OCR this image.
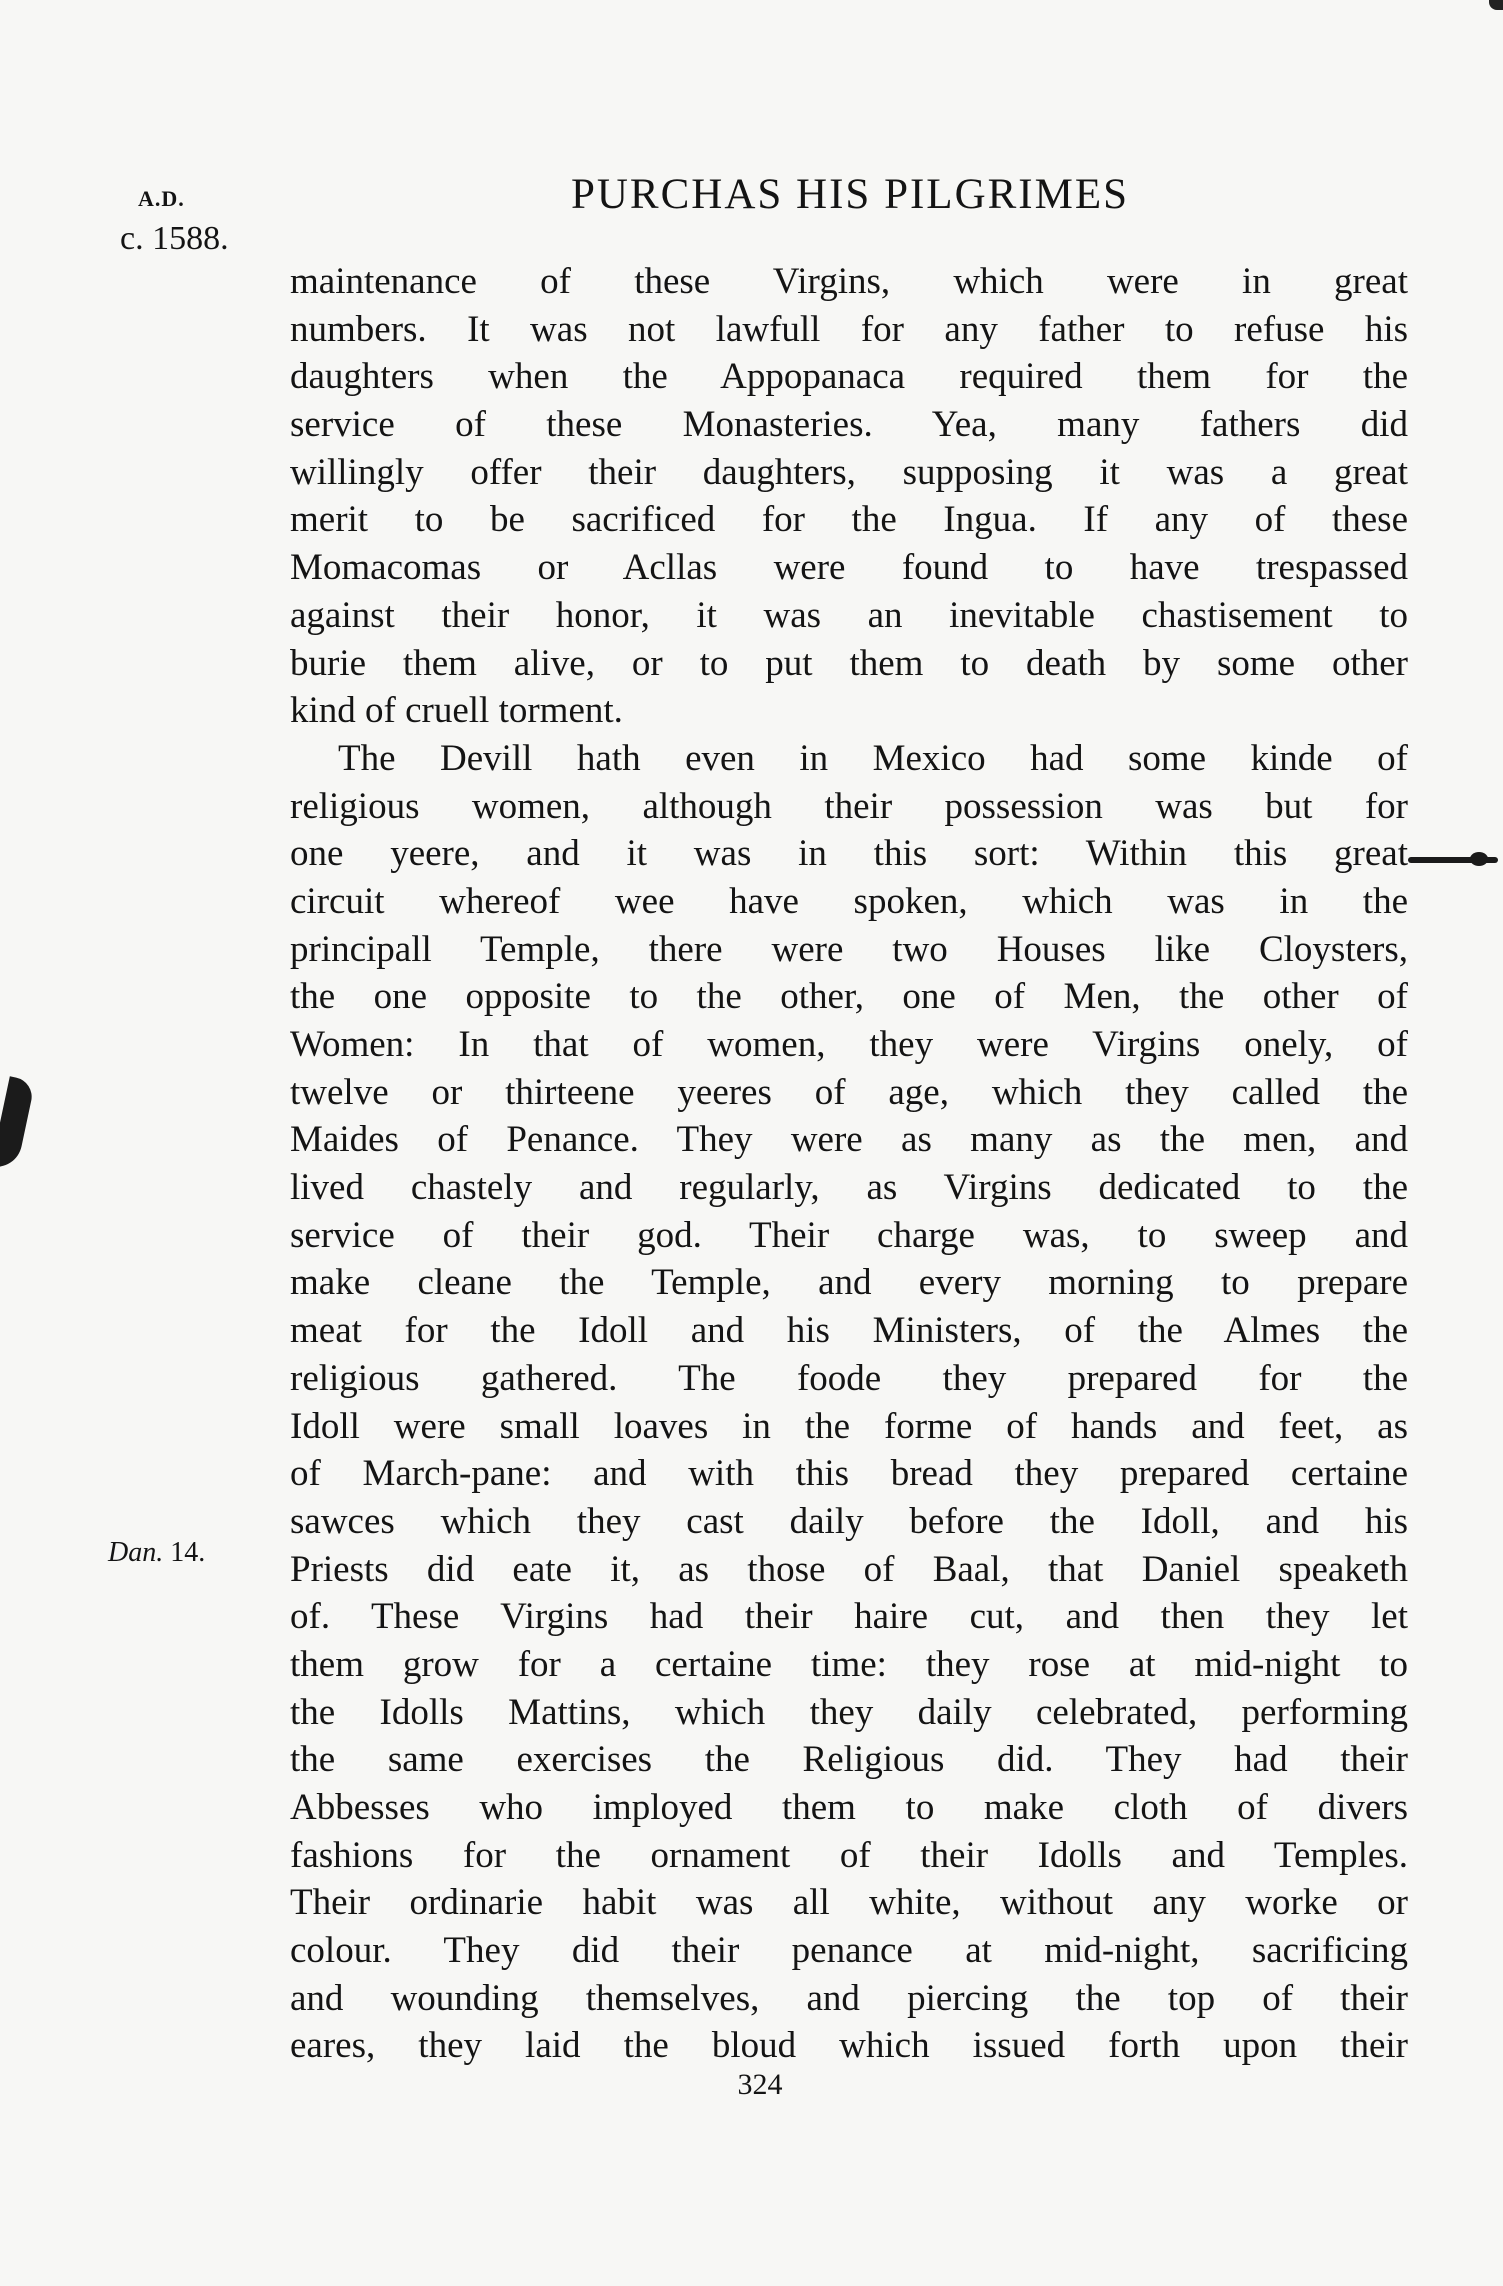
A.D.
c. 1588.
PURCHAS HIS PILGRIMES
Dan. 14.
maintenance of these Virgins, which were in great
numbers. It was not lawfull for any father to refuse his
daughters when the Appopanaca required them for the
service of these Monasteries. Yea, many fathers did
willingly offer their daughters, supposing it was a great
merit to be sacrificed for the Ingua. If any of these
Momacomas or Acllas were found to have trespassed
against their honor, it was an inevitable chastisement to
burie them alive, or to put them to death by some other
kind of cruell torment.
The Devill hath even in Mexico had some kinde of
religious women, although their possession was but for
one yeere, and it was in this sort: Within this great
circuit whereof wee have spoken, which was in the
principall Temple, there were two Houses like Cloysters,
the one opposite to the other, one of Men, the other of
Women: In that of women, they were Virgins onely, of
twelve or thirteene yeeres of age, which they called the
Maides of Penance. They were as many as the men, and
lived chastely and regularly, as Virgins dedicated to the
service of their god. Their charge was, to sweep and
make cleane the Temple, and every morning to prepare
meat for the Idoll and his Ministers, of the Almes the
religious gathered. The foode they prepared for the
Idoll were small loaves in the forme of hands and feet, as
of March-pane: and with this bread they prepared certaine
sawces which they cast daily before the Idoll, and his
Priests did eate it, as those of Baal, that Daniel speaketh
of. These Virgins had their haire cut, and then they let
them grow for a certaine time: they rose at mid-night to
the Idolls Mattins, which they daily celebrated, performing
the same exercises the Religious did. They had their
Abbesses who imployed them to make cloth of divers
fashions for the ornament of their Idolls and Temples.
Their ordinarie habit was all white, without any worke or
colour. They did their penance at mid-night, sacrificing
and wounding themselves, and piercing the top of their
eares, they laid the bloud which issued forth upon their
324
